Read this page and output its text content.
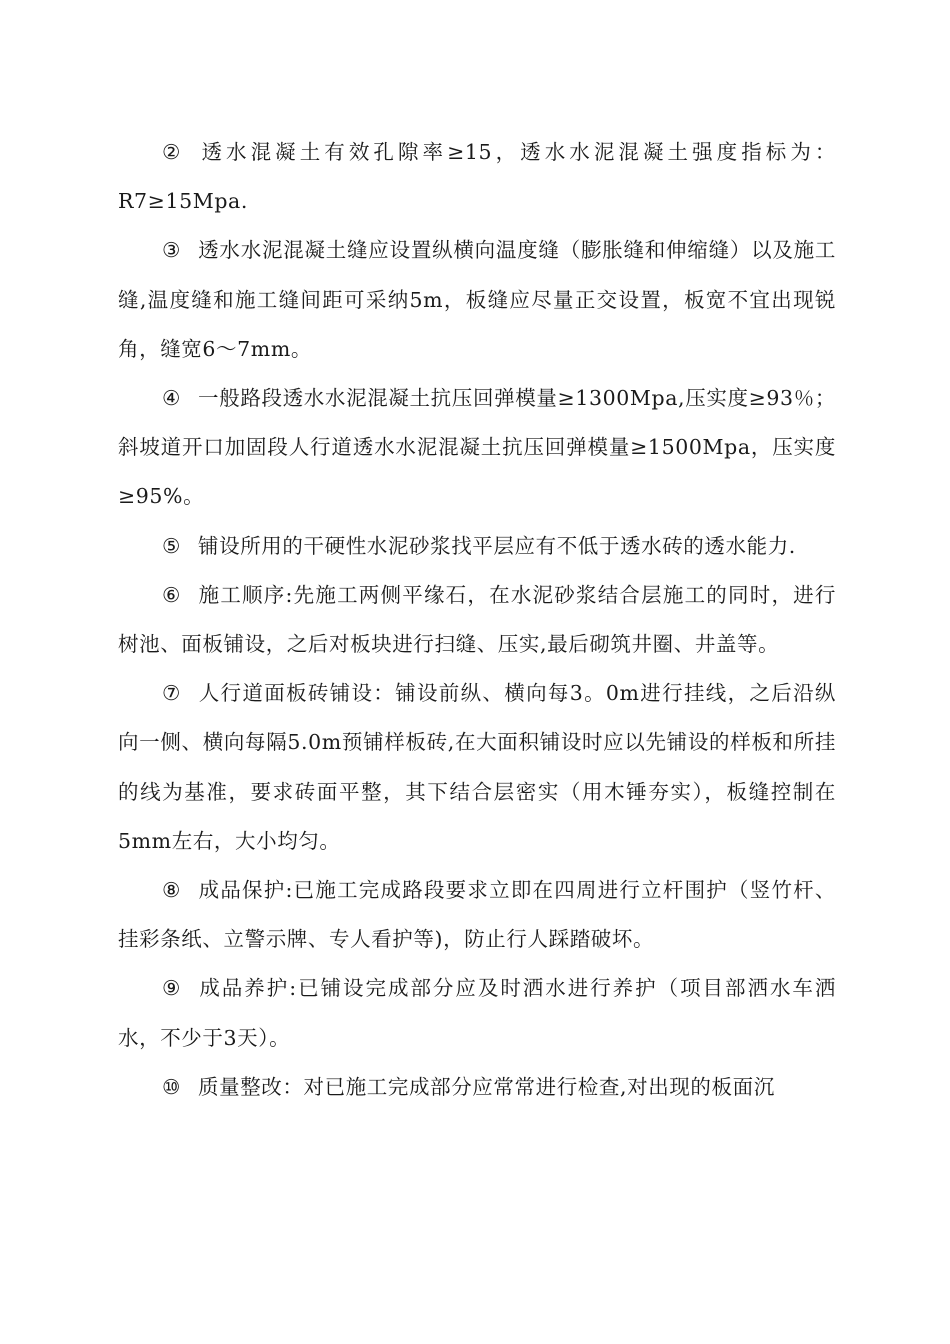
② 透水混凝土有效孔隙率≥15，透水水泥混凝土强度指标为：R7≥15Mpa.

③ 透水水泥混凝土缝应设置纵横向温度缝（膨胀缝和伸缩缝）以及施工缝,温度缝和施工缝间距可采纳5m，板缝应尽量正交设置，板宽不宜出现锐角，缝宽6～7mm。

④ 一般路段透水水泥混凝土抗压回弹模量≥1300Mpa,压实度≥93％；斜坡道开口加固段人行道透水水泥混凝土抗压回弹模量≥1500Mpa，压实度≥95%。

⑤ 铺设所用的干硬性水泥砂浆找平层应有不低于透水砖的透水能力.

⑥ 施工顺序:先施工两侧平缘石，在水泥砂浆结合层施工的同时，进行树池、面板铺设，之后对板块进行扫缝、压实,最后砌筑井圈、井盖等。

⑦ 人行道面板砖铺设：铺设前纵、横向每3。0m进行挂线，之后沿纵向一侧、横向每隔5.0m预铺样板砖,在大面积铺设时应以先铺设的样板和所挂的线为基准，要求砖面平整，其下结合层密实（用木锤夯实），板缝控制在5mm左右，大小均匀。

⑧ 成品保护:已施工完成路段要求立即在四周进行立杆围护（竖竹杆、挂彩条纸、立警示牌、专人看护等)，防止行人踩踏破坏。

⑨ 成品养护:已铺设完成部分应及时洒水进行养护（项目部洒水车洒水，不少于3天）。

⑩ 质量整改：对已施工完成部分应常常进行检查,对出现的板面沉
